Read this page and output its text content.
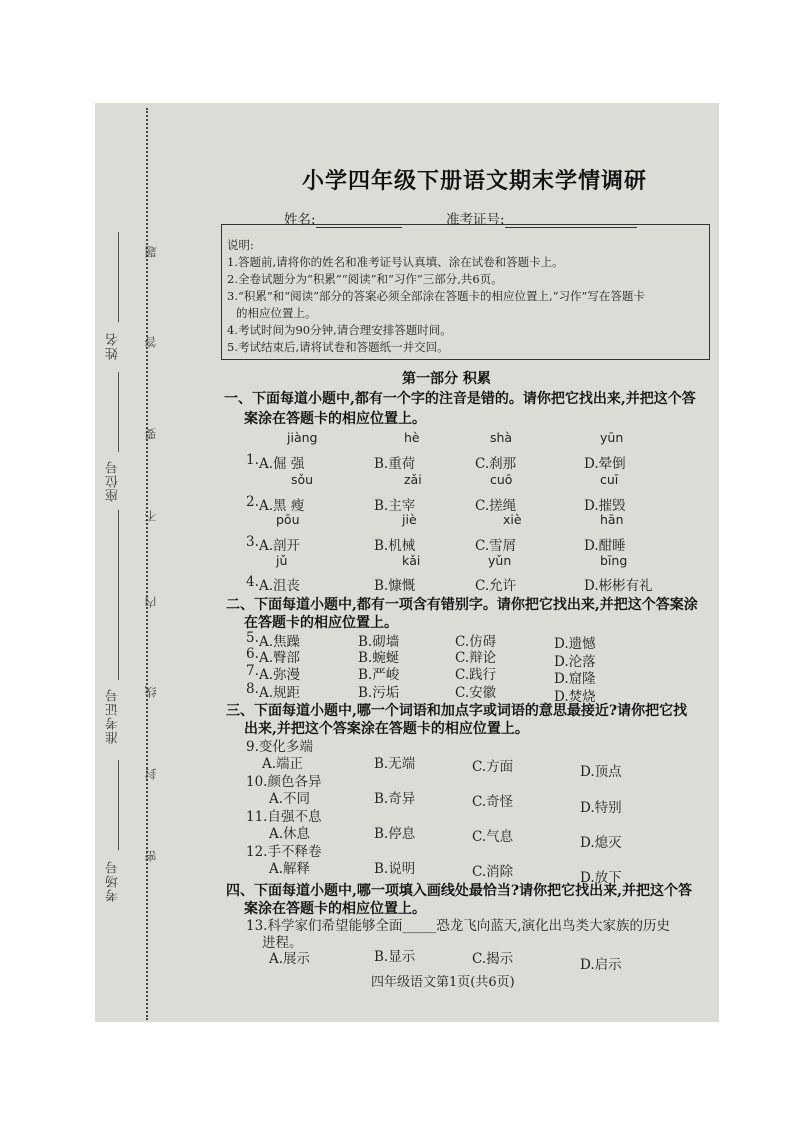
姓名
座位号
准考证号
考场号
题
答
要
不
内
线
封
密
小学四年级下册语文期末学情调研
姓名:	准考证号:
说明:
1.答题前,请将你的姓名和准考证号认真填、涂在试卷和答题卡上。
2.全卷试题分为“积累”“阅读”和“习作”三部分,共6页。
3.“积累”和“阅读”部分的答案必须全部涂在答题卡的相应位置上,“习作”写在答题卡
的相应位置上。
4.考试时间为90分钟,请合理安排答题时间。
5.考试结束后,请将试卷和答题纸一并交回。
第一部分 积累
一、下面每道小题中,都有一个字的注音是错的。请你把它找出来,并把这个答
案涂在答题卡的相应位置上。
jiàng	hè	shà	yūn
1. A.倔 强	B.重荷	C.刹那	D.晕倒
sǒu	zǎi	cuō	cuī
2. A.黑 瘦	B.主宰	C.搓绳	D.摧毁
pōu	jiè	xiè	hān
3. A.剖开	B.机械	C.雪屑	D.酣睡
jǔ	kǎi	yǔn	bīng
4. A.沮丧	B.慷慨	C.允许	D.彬彬有礼
二、下面每道小题中,都有一项含有错别字。请你把它找出来,并把这个答案涂
在答题卡的相应位置上。
5. A.焦躁	B.砌墙	C.仿碍	D.遗憾
6. A.臀部	B.蜿蜒	C.辩论	D.沦落
7. A.弥漫	B.严峻	C.践行	D.窟隆
8. A.规距	B.污垢	C.安徽	D.焚烧
三、下面每道小题中,哪一个词语和加点字或词语的意思最接近?请你把它找
出来,并把这个答案涂在答题卡的相应位置上。
9.变化多端
A.端正	B.无端	C.方面	D.顶点
10.颜色各异
A.不同	B.奇异	C.奇怪	D.特别
11.自强不息
A.休息	B.停息	C.气息	D.熄灭
12.手不释卷
A.解释	B.说明	C.消除	D.放下
四、下面每道小题中,哪一项填入画线处最恰当?请你把它找出来,并把这个答
案涂在答题卡的相应位置上。
13.科学家们希望能够全面_____恐龙飞向蓝天,演化出鸟类大家族的历史
进程。
A.展示	B.显示	C.揭示	D.启示
四年级语文第1页(共6页)
